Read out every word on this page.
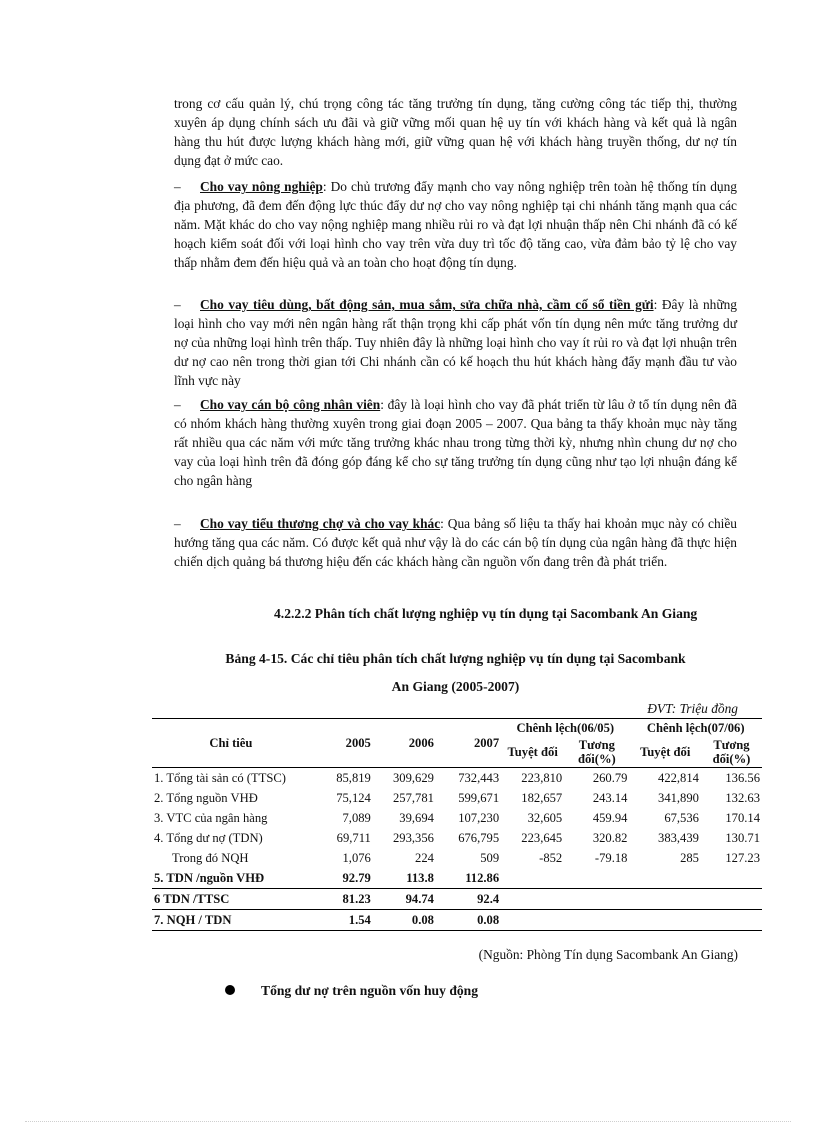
trong cơ cấu quản lý, chú trọng công tác tăng trưởng tín dụng, tăng cường công tác tiếp thị, thường xuyên áp dụng chính sách ưu đãi và giữ vững mối quan hệ uy tín với khách hàng và kết quả là ngân hàng thu hút được lượng khách hàng mới, giữ vững quan hệ với khách hàng truyền thống, dư nợ tín dụng đạt ở mức cao.

– Cho vay nông nghiệp: Do chủ trương đẩy mạnh cho vay nông nghiệp trên toàn hệ thống tín dụng địa phương, đã đem đến động lực thúc đẩy dư nợ cho vay nông nghiệp tại chi nhánh tăng mạnh qua các năm. Mặt khác do cho vay nộng nghiệp mang nhiều rủi ro và đạt lợi nhuận thấp nên Chi nhánh đã có kế hoạch kiểm soát đối với loại hình cho vay trên vừa duy trì tốc độ tăng cao, vừa đảm bảo tỷ lệ cho vay thấp nhằm đem đến hiệu quả và an toàn cho hoạt động tín dụng.

– Cho vay tiêu dùng, bất động sản, mua sắm, sửa chữa nhà, cầm cố sổ tiền gửi: Đây là những loại hình cho vay mới nên ngân hàng rất thận trọng khi cấp phát vốn tín dụng nên mức tăng trưởng dư nợ của những loại hình trên thấp. Tuy nhiên đây là những loại hình cho vay ít rủi ro và đạt lợi nhuận trên dư nợ cao nên trong thời gian tới Chi nhánh cần có kế hoạch thu hút khách hàng đẩy mạnh đầu tư vào lĩnh vực này

– Cho vay cán bộ công nhân viên: đây là loại hình cho vay đã phát triển từ lâu ở tổ tín dụng nên đã có nhóm khách hàng thường xuyên trong giai đoạn 2005 – 2007. Qua bảng ta thấy khoản mục này tăng rất nhiều qua các năm với mức tăng trưởng khác nhau trong từng thời kỳ, nhưng nhìn chung dư nợ cho vay của loại hình trên đã đóng góp đáng kể cho sự tăng trưởng tín dụng cũng như tạo lợi nhuận đáng kể cho ngân hàng

– Cho vay tiểu thương chợ và cho vay khác: Qua bảng số liệu ta thấy hai khoản mục này có chiều hướng tăng qua các năm. Có được kết quả như vậy là do các cán bộ tín dụng của ngân hàng đã thực hiện chiến dịch quảng bá thương hiệu đến các khách hàng cần nguồn vốn đang trên đà phát triển.

4.2.2.2 Phân tích chất lượng nghiệp vụ tín dụng tại Sacombank An Giang

Bảng 4-15. Các chỉ tiêu phân tích chất lượng nghiệp vụ tín dụng tại Sacombank

An Giang (2005-2007)

ĐVT: Triệu đồng

Chỉ tiêu	2005	2006	2007	Chênh lệch(06/05)		Chênh lệch(07/06)	
				Tuyệt đối	Tương đối(%)	Tuyệt đối	Tương đối(%)
1. Tổng tài sản có (TTSC)	85,819	309,629	732,443	223,810	260.79	422,814	136.56
2. Tổng nguồn VHĐ	75,124	257,781	599,671	182,657	243.14	341,890	132.63
3. VTC của ngân hàng	7,089	39,694	107,230	32,605	459.94	67,536	170.14
4. Tổng dư nợ (TDN)	69,711	293,356	676,795	223,645	320.82	383,439	130.71
Trong đó NQH	1,076	224	509	-852	-79.18	285	127.23
5. TDN /nguồn VHĐ	92.79	113.8	112.86				
6 TDN /TTSC	81.23	94.74	92.4				
7. NQH / TDN	1.54	0.08	0.08				

(Nguồn: Phòng Tín dụng Sacombank An Giang)

Tổng dư nợ trên nguồn vốn huy động
